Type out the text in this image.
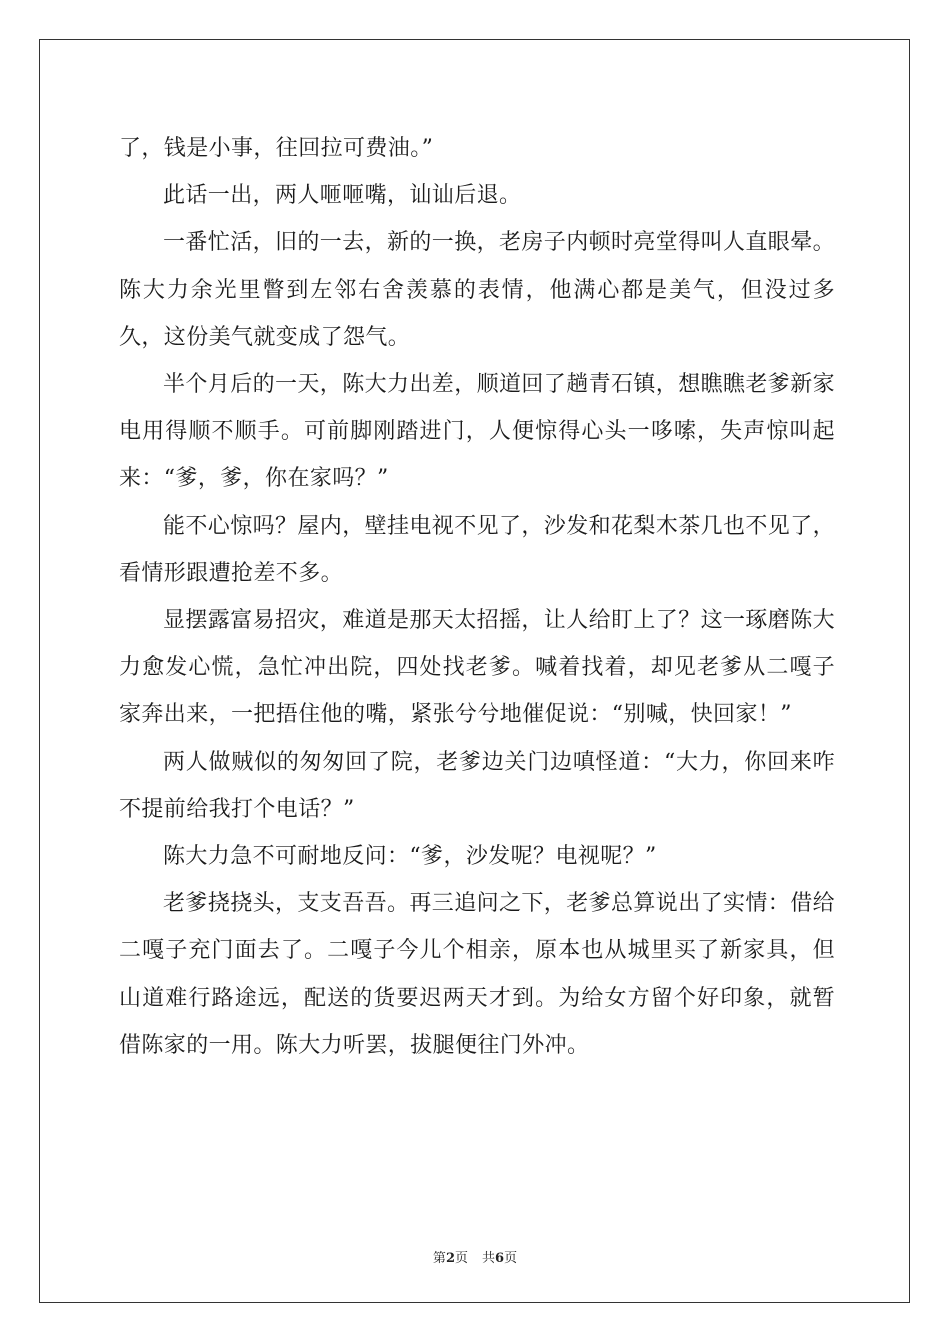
了，钱是小事，往回拉可费油。”

此话一出，两人咂咂嘴，讪讪后退。

一番忙活，旧的一去，新的一换，老房子内顿时亮堂得叫人直眼晕。陈大力余光里瞥到左邻右舍羡慕的表情，他满心都是美气，但没过多久，这份美气就变成了怨气。

半个月后的一天，陈大力出差，顺道回了趟青石镇，想瞧瞧老爹新家电用得顺不顺手。可前脚刚踏进门，人便惊得心头一哆嗦，失声惊叫起来：“爹，爹，你在家吗？”

能不心惊吗？屋内，壁挂电视不见了，沙发和花梨木茶几也不见了，看情形跟遭抢差不多。

显摆露富易招灾，难道是那天太招摇，让人给盯上了？这一琢磨陈大力愈发心慌，急忙冲出院，四处找老爹。喊着找着，却见老爹从二嘎子家奔出来，一把捂住他的嘴，紧张兮兮地催促说：“别喊，快回家！”

两人做贼似的匆匆回了院，老爹边关门边嗔怪道：“大力，你回来咋不提前给我打个电话？”

陈大力急不可耐地反问：“爹，沙发呢？电视呢？”

老爹挠挠头，支支吾吾。再三追问之下，老爹总算说出了实情：借给二嘎子充门面去了。二嘎子今儿个相亲，原本也从城里买了新家具，但山道难行路途远，配送的货要迟两天才到。为给女方留个好印象，就暂借陈家的一用。陈大力听罢，拔腿便往门外冲。

第2页 共6页
